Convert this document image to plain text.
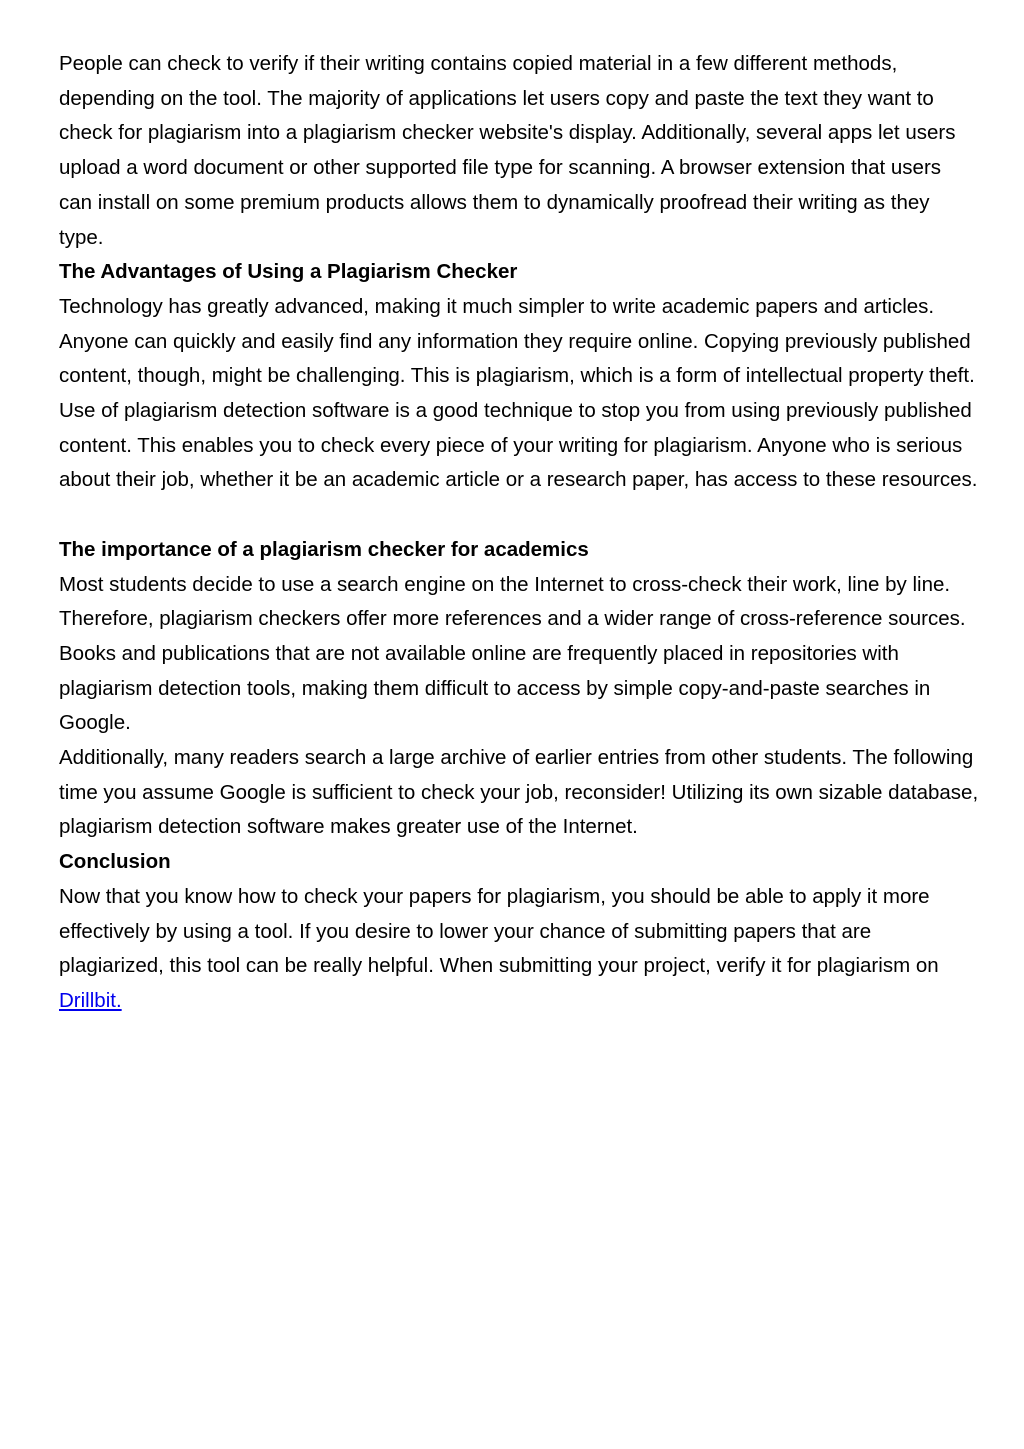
People can check to verify if their writing contains copied material in a few different methods, depending on the tool. The majority of applications let users copy and paste the text they want to check for plagiarism into a plagiarism checker website's display. Additionally, several apps let users upload a word document or other supported file type for scanning. A browser extension that users can install on some premium products allows them to dynamically proofread their writing as they type.

The Advantages of Using a Plagiarism Checker

Technology has greatly advanced, making it much simpler to write academic papers and articles. Anyone can quickly and easily find any information they require online. Copying previously published content, though, might be challenging. This is plagiarism, which is a form of intellectual property theft.

Use of plagiarism detection software is a good technique to stop you from using previously published content. This enables you to check every piece of your writing for plagiarism. Anyone who is serious about their job, whether it be an academic article or a research paper, has access to these resources.

The importance of a plagiarism checker for academics

Most students decide to use a search engine on the Internet to cross-check their work, line by line. Therefore, plagiarism checkers offer more references and a wider range of cross-reference sources. Books and publications that are not available online are frequently placed in repositories with plagiarism detection tools, making them difficult to access by simple copy-and-paste searches in Google.

Additionally, many readers search a large archive of earlier entries from other students. The following time you assume Google is sufficient to check your job, reconsider! Utilizing its own sizable database, plagiarism detection software makes greater use of the Internet.

Conclusion

Now that you know how to check your papers for plagiarism, you should be able to apply it more effectively by using a tool. If you desire to lower your chance of submitting papers that are plagiarized, this tool can be really helpful. When submitting your project, verify it for plagiarism on Drillbit.
